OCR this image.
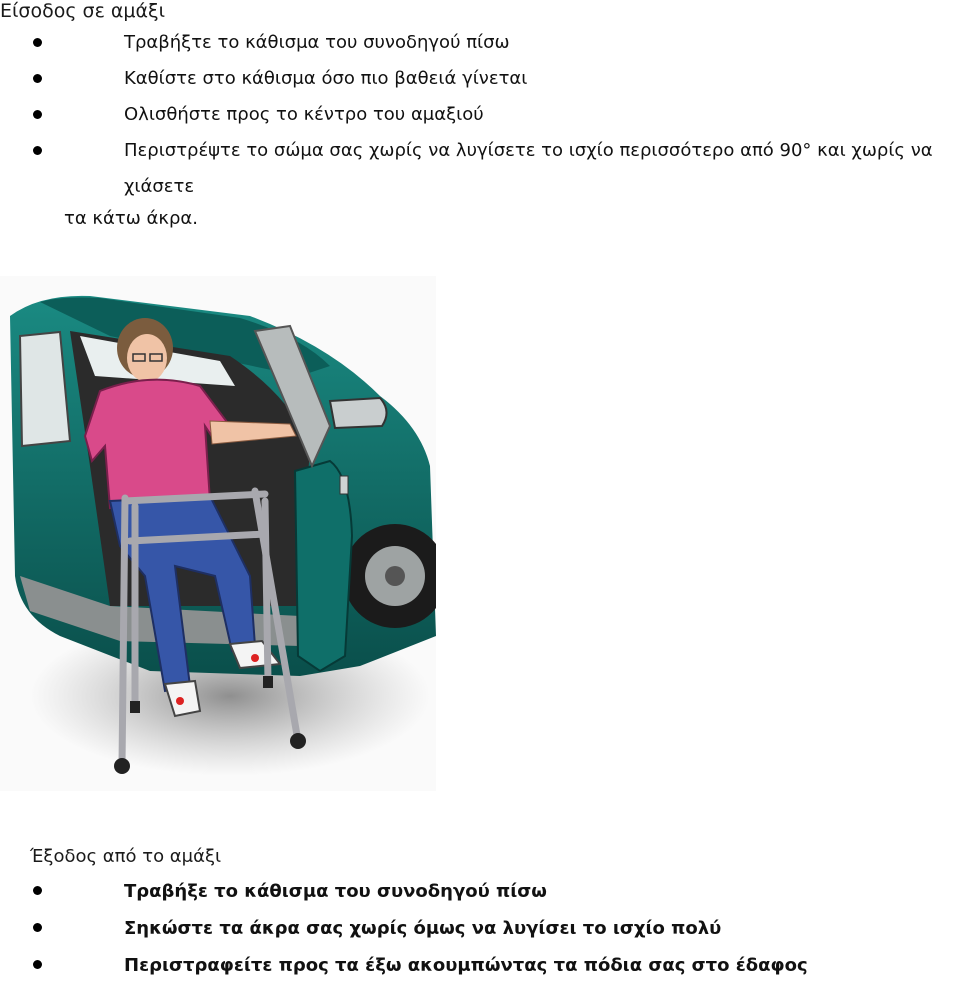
Είσοδος σε αμάξι
Τραβήξτε το κάθισμα του συνοδηγού πίσω
Καθίστε στο κάθισμα όσο πιο βαθειά γίνεται
Ολισθήστε προς το κέντρο του αμαξιού
Περιστρέψτε το σώμα σας χωρίς να λυγίσετε το ισχίο περισσότερο από 90° και χωρίς να χιάσετε
τα κάτω άκρα.
Έξοδος από το αμάξι
Τραβήξε το κάθισμα του συνοδηγού πίσω
Σηκώστε τα άκρα σας χωρίς όμως να λυγίσει το ισχίο πολύ
Περιστραφείτε προς τα έξω ακουμπώντας τα πόδια σας στο έδαφος
